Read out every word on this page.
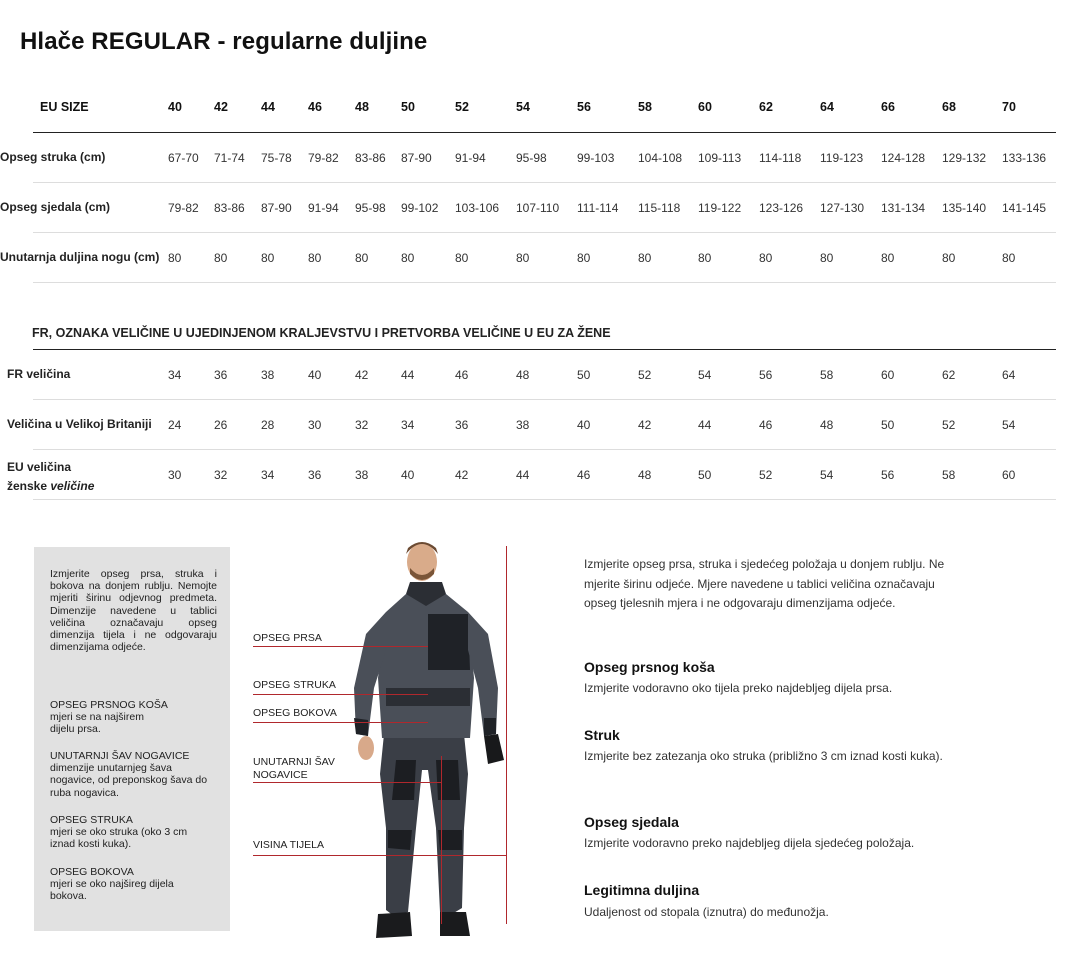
Hlače REGULAR - regularne duljine
EU SIZE	40	42	44	46	48	50	52	54	56	58	60	62	64	66	68	70
Opseg struka (cm)	67-70 71-74 75-78 79-82 83-86 87-90 91-94	95-98	99-103 104-108 109-113 114-118 119-123 124-128 129-132 133-136
Opseg sjedala (cm)	79-82 83-86 87-90 91-94 95-98 99-102 103-106 107-110 111-114 115-118 119-122 123-126 127-130 131-134 135-140 141-145
Unutarnja duljina nogu (cm) 80	80	80	80	80	80	80	80	80	80	80	80	80	80	80	80
FR, OZNAKA VELIČINE U UJEDINJENOM KRALJEVSTVU I PRETVORBA VELIČINE U EU ZA ŽENE
FR veličina	34	36	38	40	42	44	46	48	50	52	54	56	58	60	62	64
Veličina u Velikoj Britaniji 24	26	28	30	32	34	36	38	40	42	44	46	48	50	52	54
EU veličina
ženske veličine
30	32	34	36	38	40	42	44	46	48	50	52	54	56	58	60
Izmjerite opseg prsa, struka i bokova na donjem rublju. Nemojte mjeriti širinu odjevnog predmeta. Dimenzije navedene u tablici veličina označavaju opseg dimenzija tijela i ne odgovaraju dimenzijama odjeće.
OPSEG PRSNOG KOŠA
mjeri se na najširem dijelu prsa.
UNUTARNJI ŠAV NOGAVICE
dimenzije unutarnjeg šava nogavice, od preponskog šava do ruba nogavica.
OPSEG STRUKA
mjeri se oko struka (oko 3 cm iznad kosti kuka).
OPSEG BOKOVA
mjeri se oko najšireg dijela bokova.
OPSEG PRSA
OPSEG STRUKA
OPSEG BOKOVA
UNUTARNJI ŠAV
NOGAVICE
VISINA TIJELA
Izmjerite opseg prsa, struka i sjedećeg položaja u donjem rublju. Ne mjerite širinu odjeće. Mjere navedene u tablici veličina označavaju opseg tjelesnih mjera i ne odgovaraju dimenzijama odjeće.
Opseg prsnog koša
Izmjerite vodoravno oko tijela preko najdebljeg dijela prsa.
Struk
Izmjerite bez zatezanja oko struka (približno 3 cm iznad kosti kuka).
Opseg sjedala
Izmjerite vodoravno preko najdebljeg dijela sjedećeg položaja.
Legitimna duljina
Udaljenost od stopala (iznutra) do međunožja.
